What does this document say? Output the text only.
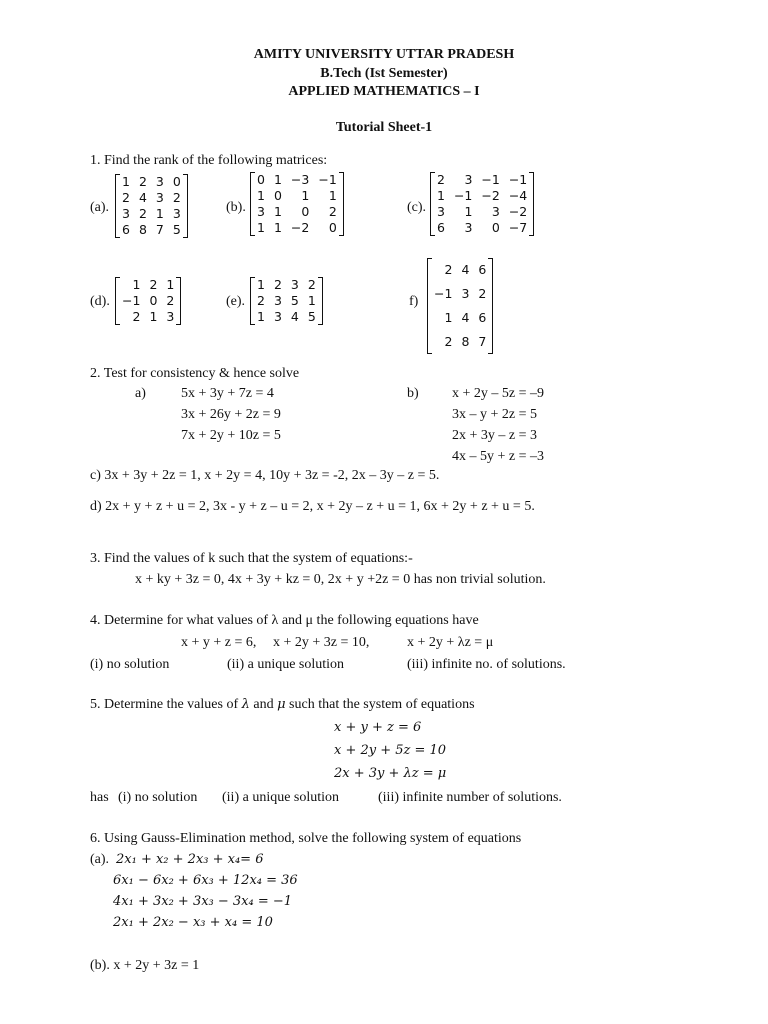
AMITY UNIVERSITY UTTAR PRADESH
B.Tech (Ist Semester)
APPLIED MATHEMATICS – I
Tutorial Sheet-1
1. Find the rank of the following matrices:
(a).
1 2 3 0
2 4 3 2
3 2 1 3
6 8 7 5
(b).
0 1 −3 −1
1 0	1	1
3 1	0	2
1 1 −2	0
(c).
2	3 −1 −1
1 −1 −2 −4
3	1	3 −2
6	3	0 −7
(d).
1 2 1
−1 0 2
2 1 3
(e).
1 2 3 2
2 3 5 1
1 3 4 5
f)
2 4 6
−1 3 2
1 4 6
2 8 7
2. Test for consistency & hence solve
a)	5x + 3y + 7z = 4
3x + 26y + 2z = 9
7x + 2y + 10z = 5
b) x + 2y – 5z = –9
3x – y + 2z = 5
2x + 3y – z = 3
4x – 5y + z = –3
c) 3x + 3y + 2z = 1, x + 2y = 4, 10y + 3z = -2, 2x – 3y – z = 5.
d) 2x + y + z + u = 2, 3x - y + z – u = 2, x + 2y – z + u = 1, 6x + 2y + z + u = 5.
3. Find the values of k such that the system of equations:-
x + ky + 3z = 0, 4x + 3y + kz = 0, 2x + y +2z = 0 has non trivial solution.
4. Determine for what values of λ and μ the following equations have
x + y + z = 6, x + 2y + 3z = 10,	x + 2y + λz = μ
(i) no solution	(ii) a unique solution	(iii) infinite no. of solutions.
5. Determine the values of λ and μ such that the system of equations
x + y + z = 6
x + 2y + 5z = 10
2x + 3y + λz = μ
has (i) no solution (ii) a unique solution	(iii) infinite number of solutions.
6. Using Gauss-Elimination method, solve the following system of equations
(a). 2x₁ + x₂ + 2x₃ + x₄= 6
6x₁ − 6x₂ + 6x₃ + 12x₄ = 36
4x₁ + 3x₂ + 3x₃ − 3x₄ = −1
2x₁ + 2x₂ − x₃ + x₄ = 10
(b). x + 2y + 3z = 1
